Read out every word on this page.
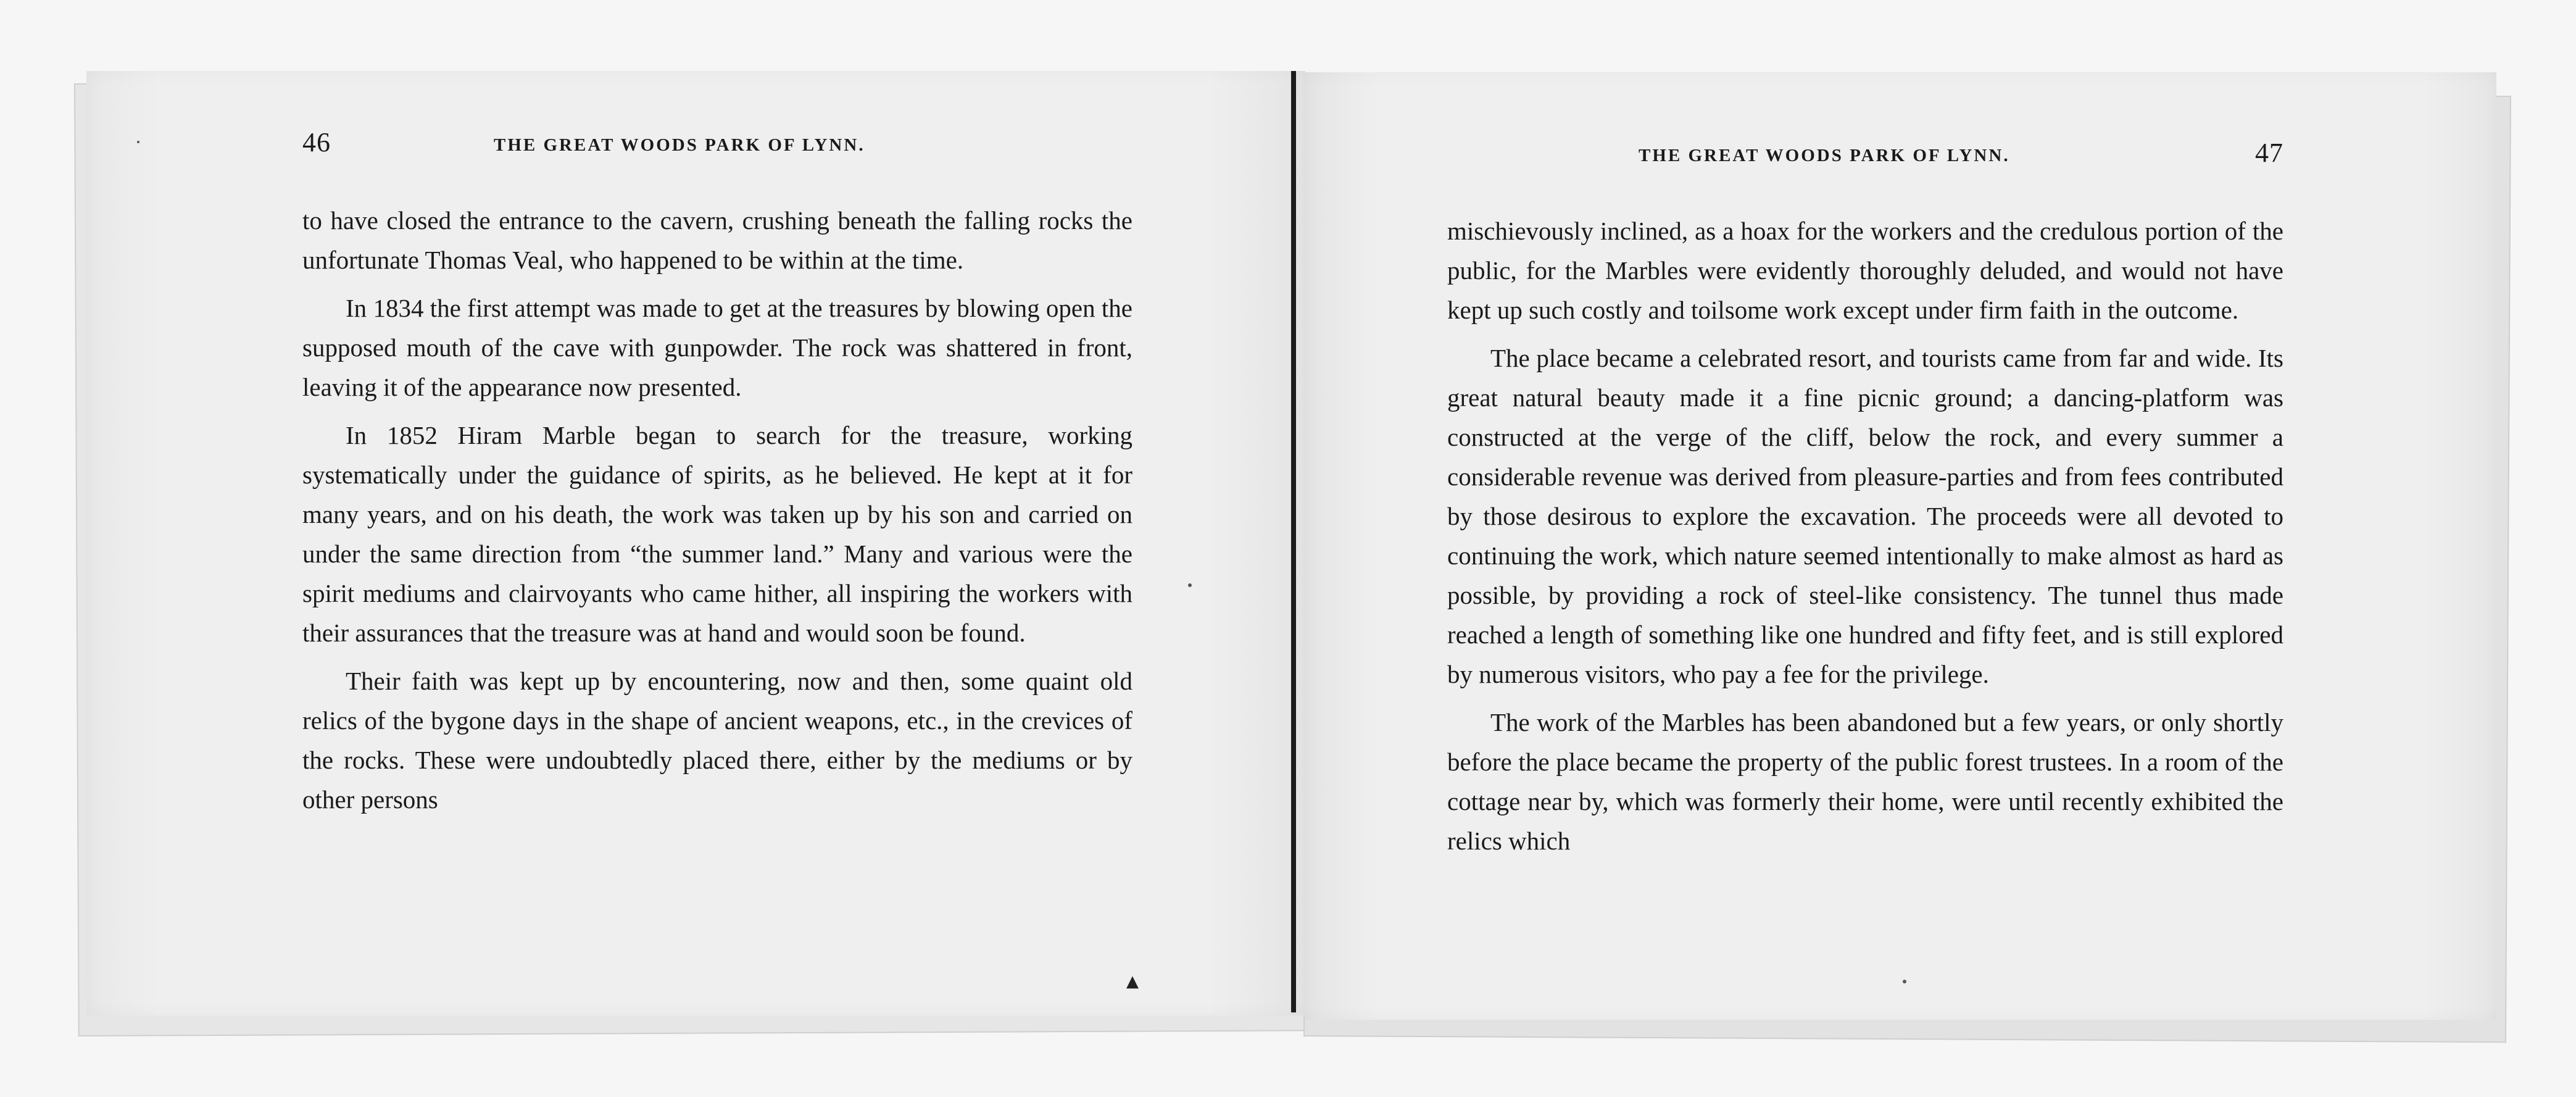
46	THE GREAT WOODS PARK OF LYNN.

to have closed the entrance to the cavern, crushing beneath the falling rocks the unfortunate Thomas Veal, who happened to be within at the time.

In 1834 the first attempt was made to get at the treasures by blowing open the supposed mouth of the cave with gunpowder. The rock was shattered in front, leaving it of the appearance now presented.

In 1852 Hiram Marble began to search for the treasure, working systematically under the guidance of spirits, as he believed. He kept at it for many years, and on his death, the work was taken up by his son and carried on under the same direction from “the summer land.” Many and various were the spirit mediums and clairvoyants who came hither, all inspiring the workers with their assurances that the treasure was at hand and would soon be found.

Their faith was kept up by encountering, now and then, some quaint old relics of the bygone days in the shape of ancient weapons, etc., in the crevices of the rocks. These were undoubtedly placed there, either by the mediums or by other persons

▲
THE GREAT WOODS PARK OF LYNN.	47

mischievously inclined, as a hoax for the workers and the credulous portion of the public, for the Marbles were evidently thoroughly deluded, and would not have kept up such costly and toilsome work except under firm faith in the outcome.

The place became a celebrated resort, and tourists came from far and wide. Its great natural beauty made it a fine picnic ground; a dancing-platform was constructed at the verge of the cliff, below the rock, and every summer a considerable revenue was derived from pleasure-parties and from fees contributed by those desirous to explore the excavation. The proceeds were all devoted to continuing the work, which nature seemed intentionally to make almost as hard as possible, by providing a rock of steel-like consistency. The tunnel thus made reached a length of something like one hundred and fifty feet, and is still explored by numerous visitors, who pay a fee for the privilege.

The work of the Marbles has been abandoned but a few years, or only shortly before the place became the property of the public forest trustees. In a room of the cottage near by, which was formerly their home, were until recently exhibited the relics which
